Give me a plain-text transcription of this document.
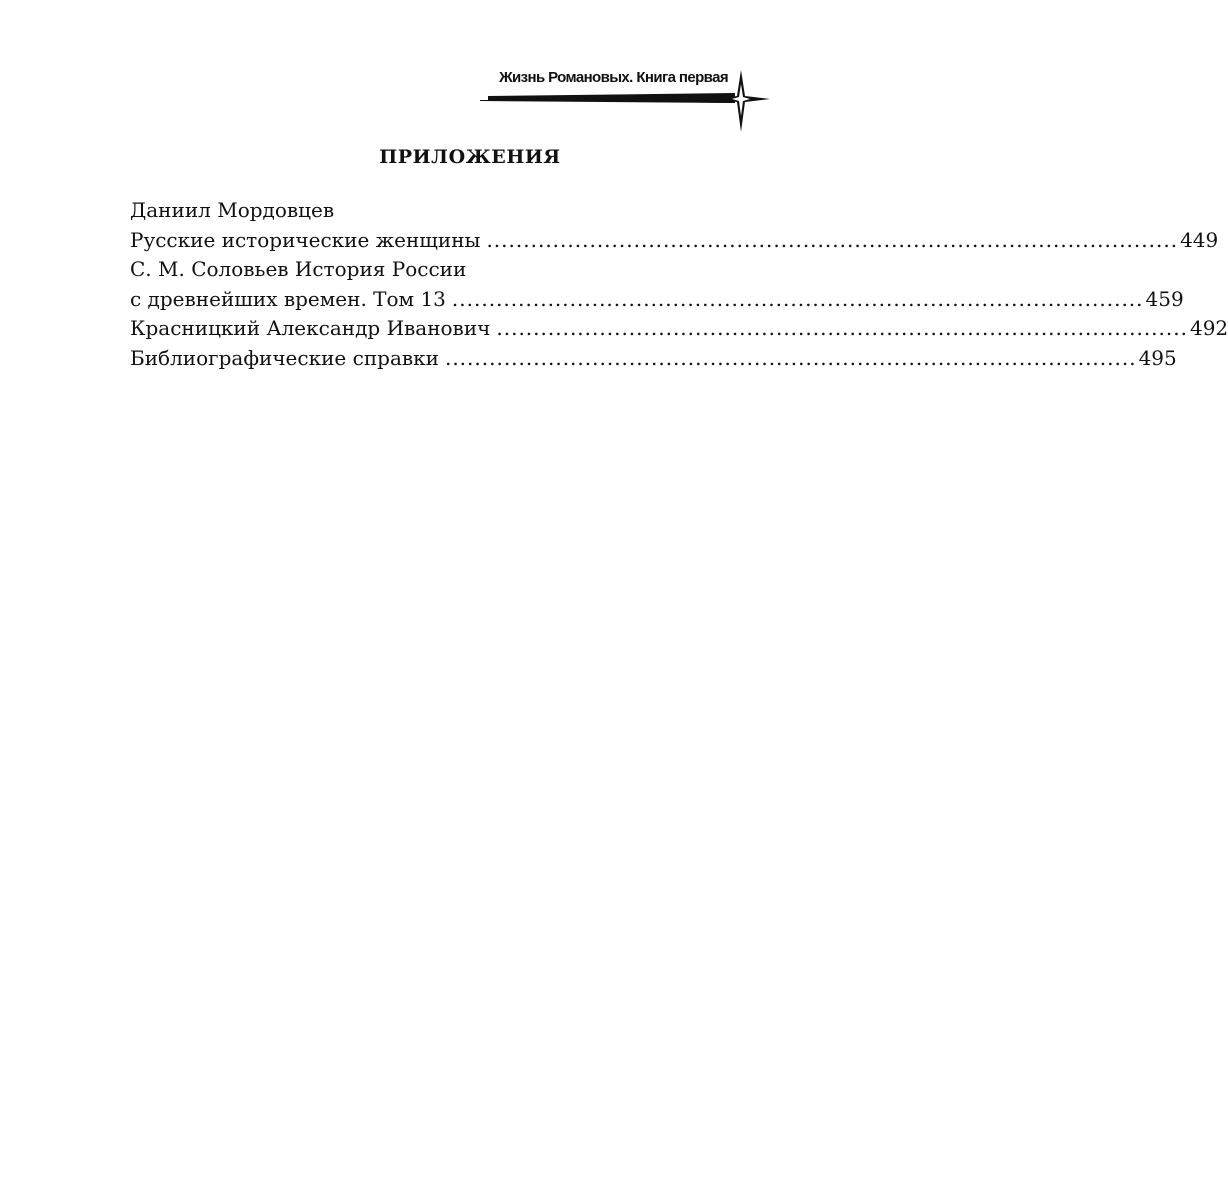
Жизнь Романовых. Книга первая
ПРИЛОЖЕНИЯ
Даниил Мордовцев
Русские исторические женщины .............................................................................................. 449
С. М. Соловьев История России
с древнейших времен. Том 13 .............................................................................................. 459
Красницкий Александр Иванович .............................................................................................. 492
Библиографические справки .............................................................................................. 495
